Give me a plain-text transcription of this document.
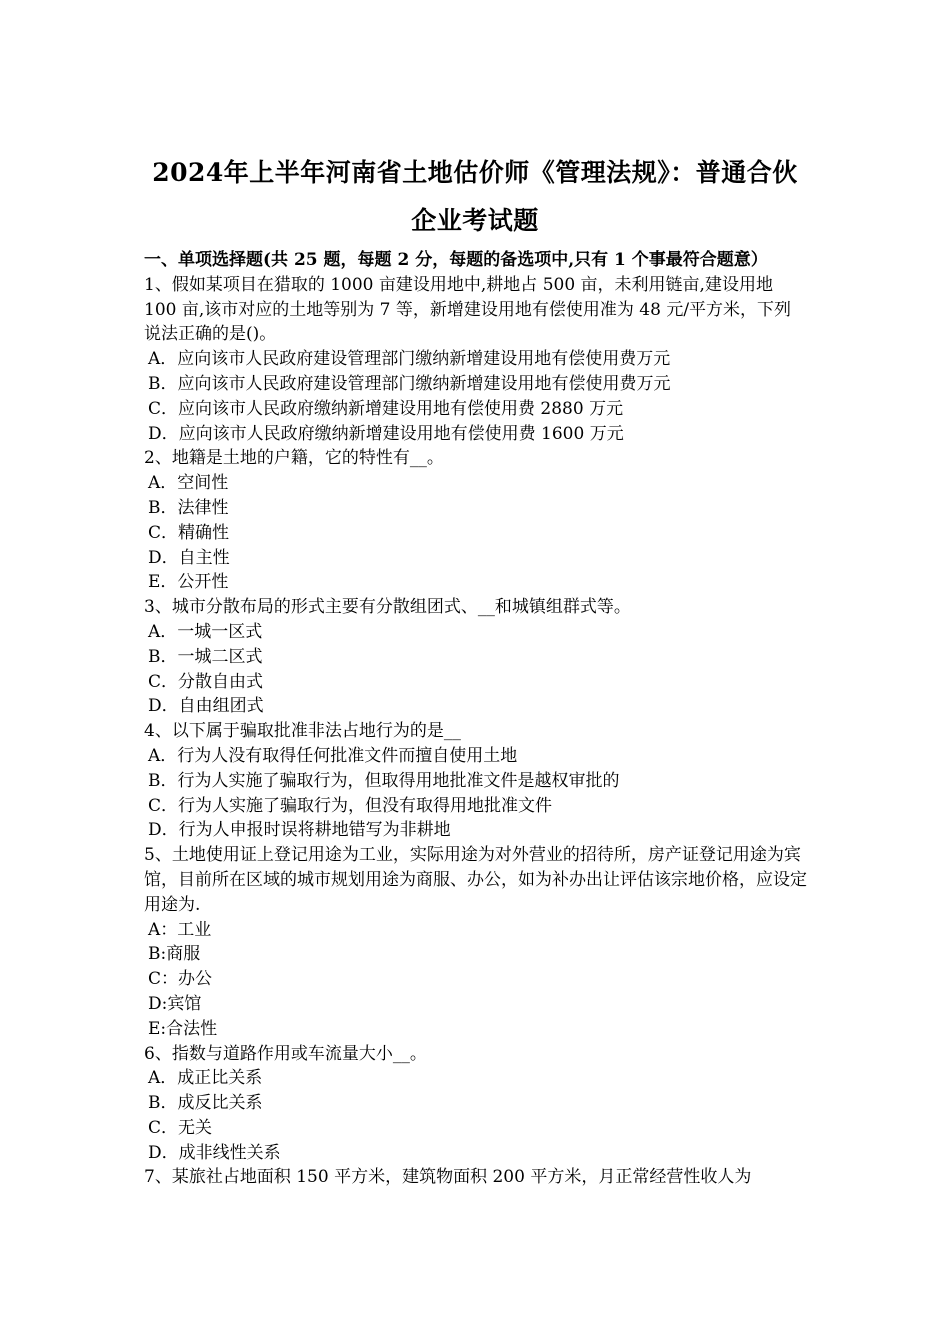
2024年上半年河南省土地估价师《管理法规》：普通合伙
企业考试题

一、单项选择题(共 25 题，每题 2 分，每题的备选项中,只有 1 个事最符合题意）

1、假如某项目在猎取的 1000 亩建设用地中,耕地占 500 亩，未利用链亩,建设用地 100 亩,该市对应的土地等别为 7 等，新增建设用地有偿使用准为 48 元/平方米，下列说法正确的是()。

A．应向该市人民政府建设管理部门缴纳新增建设用地有偿使用费万元

B．应向该市人民政府建设管理部门缴纳新增建设用地有偿使用费万元

C．应向该市人民政府缴纳新增建设用地有偿使用费 2880 万元

D．应向该市人民政府缴纳新增建设用地有偿使用费 1600 万元

2、地籍是土地的户籍，它的特性有__。

A．空间性

B．法律性

C．精确性

D．自主性

E．公开性

3、城市分散布局的形式主要有分散组团式、__和城镇组群式等。

A．一城一区式

B．一城二区式

C．分散自由式

D．自由组团式

4、以下属于骗取批准非法占地行为的是__

A．行为人没有取得任何批准文件而擅自使用土地

B．行为人实施了骗取行为，但取得用地批准文件是越权审批的

C．行为人实施了骗取行为，但没有取得用地批准文件

D．行为人申报时误将耕地错写为非耕地

5、土地使用证上登记用途为工业，实际用途为对外营业的招待所，房产证登记用途为宾馆，目前所在区域的城市规划用途为商服、办公，如为补办出让评估该宗地价格，应设定用途为.

A：工业

B:商服

C：办公

D:宾馆

E:合法性

6、指数与道路作用或车流量大小__。

A．成正比关系

B．成反比关系

C．无关

D．成非线性关系

7、某旅社占地面积 150 平方米，建筑物面积 200 平方米，月正常经营性收人为
